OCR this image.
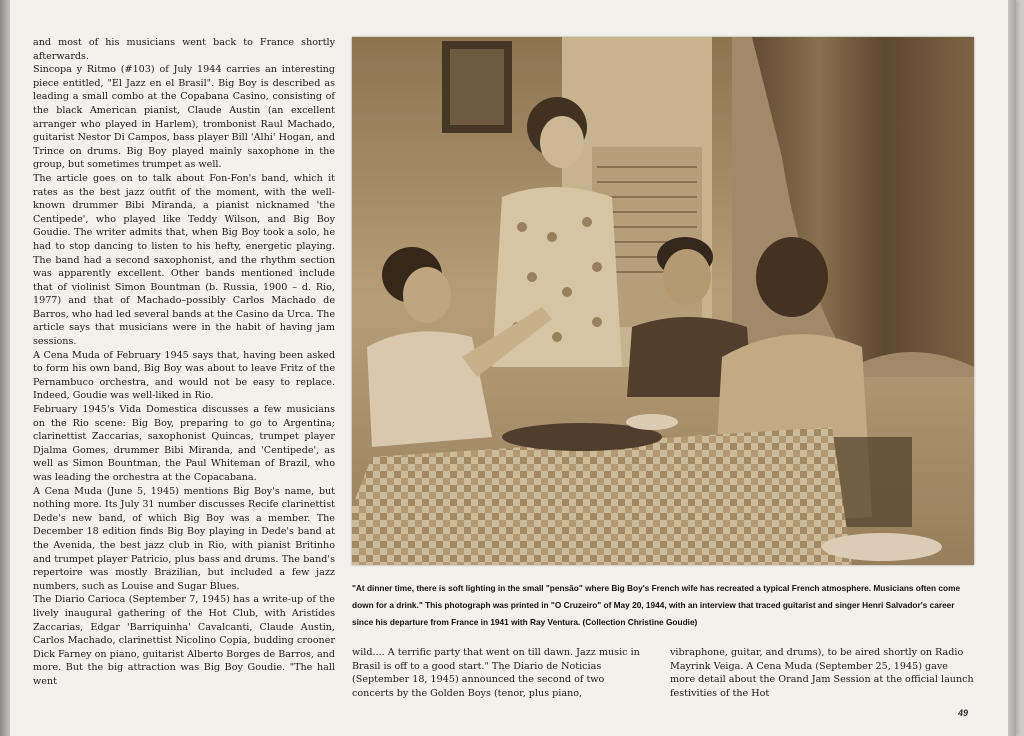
and most of his musicians went back to France shortly afterwards.

Sincopa y Ritmo (#103) of July 1944 carries an interesting piece entitled, "El Jazz en el Brasil". Big Boy is described as leading a small combo at the Copabana Casino, consisting of the black American pianist, Claude Austin (an excellent arranger who played in Harlem), trombonist Raul Machado, guitarist Nestor Di Campos, bass player Bill 'Alhi' Hogan, and Trince on drums. Big Boy played mainly saxophone in the group, but sometimes trumpet as well.

The article goes on to talk about Fon-Fon's band, which it rates as the best jazz outfit of the moment, with the well-known drummer Bibi Miranda, a pianist nicknamed 'the Centipede', who played like Teddy Wilson, and Big Boy Goudie. The writer admits that, when Big Boy took a solo, he had to stop dancing to listen to his hefty, energetic playing. The band had a second saxophonist, and the rhythm section was apparently excellent. Other bands mentioned include that of violinist Simon Bountman (b. Russia, 1900 – d. Rio, 1977) and that of Machado–possibly Carlos Machado de Barros, who had led several bands at the Casino da Urca. The article says that musicians were in the habit of having jam sessions.

A Cena Muda of February 1945 says that, having been asked to form his own band, Big Boy was about to leave Fritz of the Pernambuco orchestra, and would not be easy to replace. Indeed, Goudie was well-liked in Rio.

February 1945's Vida Domestica discusses a few musicians on the Rio scene: Big Boy, preparing to go to Argentina; clarinettist Zaccarias, saxophonist Quincas, trumpet player Djalma Gomes, drummer Bibi Miranda, and 'Centipede', as well as Simon Bountman, the Paul Whiteman of Brazil, who was leading the orchestra at the Copacabana.

A Cena Muda (June 5, 1945) mentions Big Boy's name, but nothing more. Its July 31 number discusses Recife clarinettist Dede's new band, of which Big Boy was a member. The December 18 edition finds Big Boy playing in Dede's band at the Avenida, the best jazz club in Rio, with pianist Britinho and trumpet player Patricio, plus bass and drums. The band's repertoire was mostly Brazilian, but included a few jazz numbers, such as Louise and Sugar Blues.

The Diario Carioca (September 7, 1945) has a write-up of the lively inaugural gathering of the Hot Club, with Aristides Zaccarias, Edgar 'Barriquinha' Cavalcanti, Claude Austin, Carlos Machado, clarinettist Nicolino Copia, budding crooner Dick Farney on piano, guitarist Alberto Borges de Barros, and more. But the big attraction was Big Boy Goudie. "The hall went

"At dinner time, there is soft lighting in the small "pensão" where Big Boy's French wife has recreated a typical French atmosphere. Musicians often come down for a drink." This photograph was printed in "O Cruzeiro" of May 20, 1944, with an interview that traced guitarist and singer Henri Salvador's career since his departure from France in 1941 with Ray Ventura. (Collection Christine Goudie)

wild.... A terrific party that went on till dawn. Jazz music in Brasil is off to a good start." The Diario de Noticias (September 18, 1945) announced the second of two concerts by the Golden Boys (tenor, plus piano,

vibraphone, guitar, and drums), to be aired shortly on Radio Mayrink Veiga. A Cena Muda (September 25, 1945) gave more detail about the Orand Jam Session at the official launch festivities of the Hot

49
